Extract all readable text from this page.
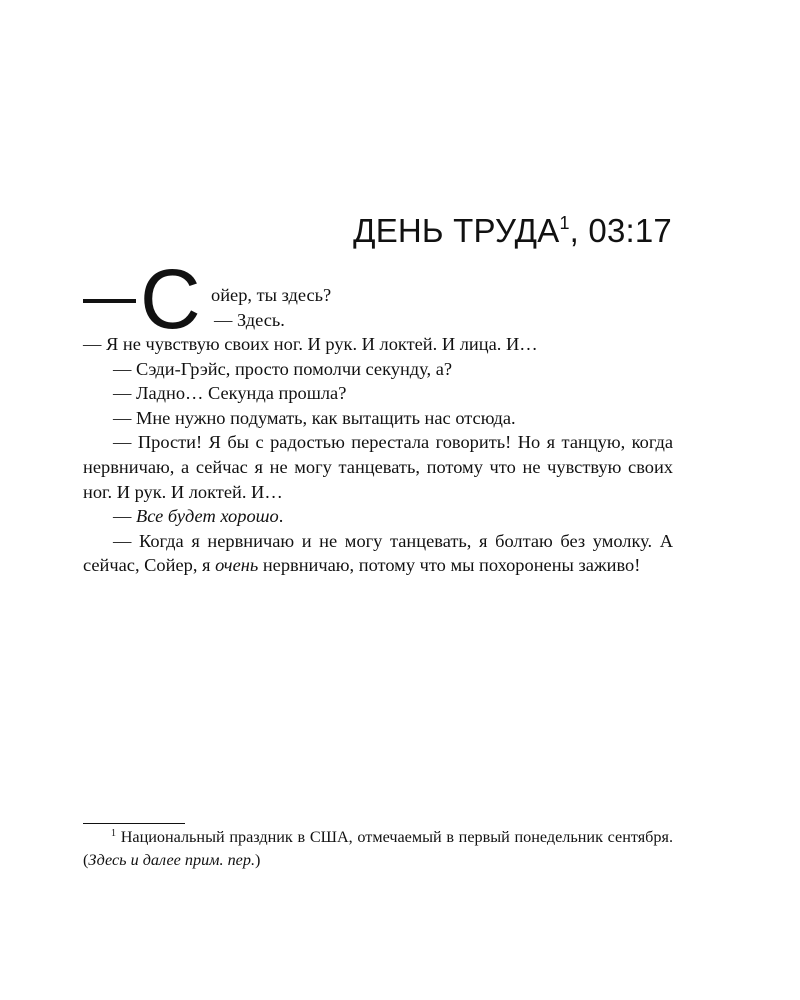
ДЕНЬ ТРУДА$^1$, 03:17
С ойер, ты здесь?
— Здесь.

— Я не чувствую своих ног. И рук. И локтей. И лица. И…

— Сэди-Грэйс, просто помолчи секунду, а?

— Ладно… Секунда прошла?

— Мне нужно подумать, как вытащить нас отсюда.

— Прости! Я бы с радостью перестала говорить! Но я танцую, когда нервничаю, а сейчас я не могу танцевать, потому что не чувствую своих ног. И рук. И локтей. И…

— Все будет хорошо.

— Когда я нервничаю и не могу танцевать, я болтаю без умолку. А сейчас, Сойер, я очень нервничаю, потому что мы похоронены заживо!

$^1$ Национальный праздник в США, отмечаемый в первый понедельник сентября. (Здесь и далее прим. пер.)
